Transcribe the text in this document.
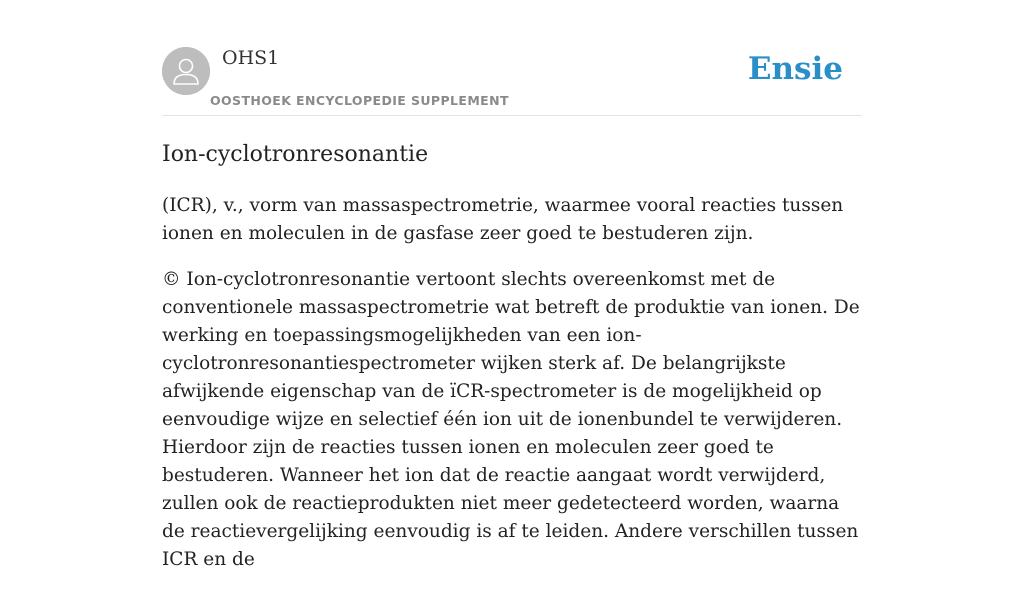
OHS1
OOSTHOEK ENCYCLOPEDIE SUPPLEMENT
Ensie
Ion-cyclotronresonantie

(ICR), v., vorm van massaspectrometrie, waarmee vooral reacties tussen ionen en moleculen in de gasfase zeer goed te bestuderen zijn.

© Ion-cyclotronresonantie vertoont slechts overeenkomst met de conventionele massaspectrometrie wat betreft de produktie van ionen. De werking en toepassingsmogelijkheden van een ion-cyclotronresonantiespectrometer wijken sterk af. De belangrijkste afwijkende eigenschap van de ïCR-spectrometer is de mogelijkheid op eenvoudige wijze en selectief één ion uit de ionenbundel te verwijderen. Hierdoor zijn de reacties tussen ionen en moleculen zeer goed te bestuderen. Wanneer het ion dat de reactie aangaat wordt verwijderd, zullen ook de reactieprodukten niet meer gedetecteerd worden, waarna de reactievergelijking eenvoudig is af te leiden. Andere verschillen tussen ICR en de
